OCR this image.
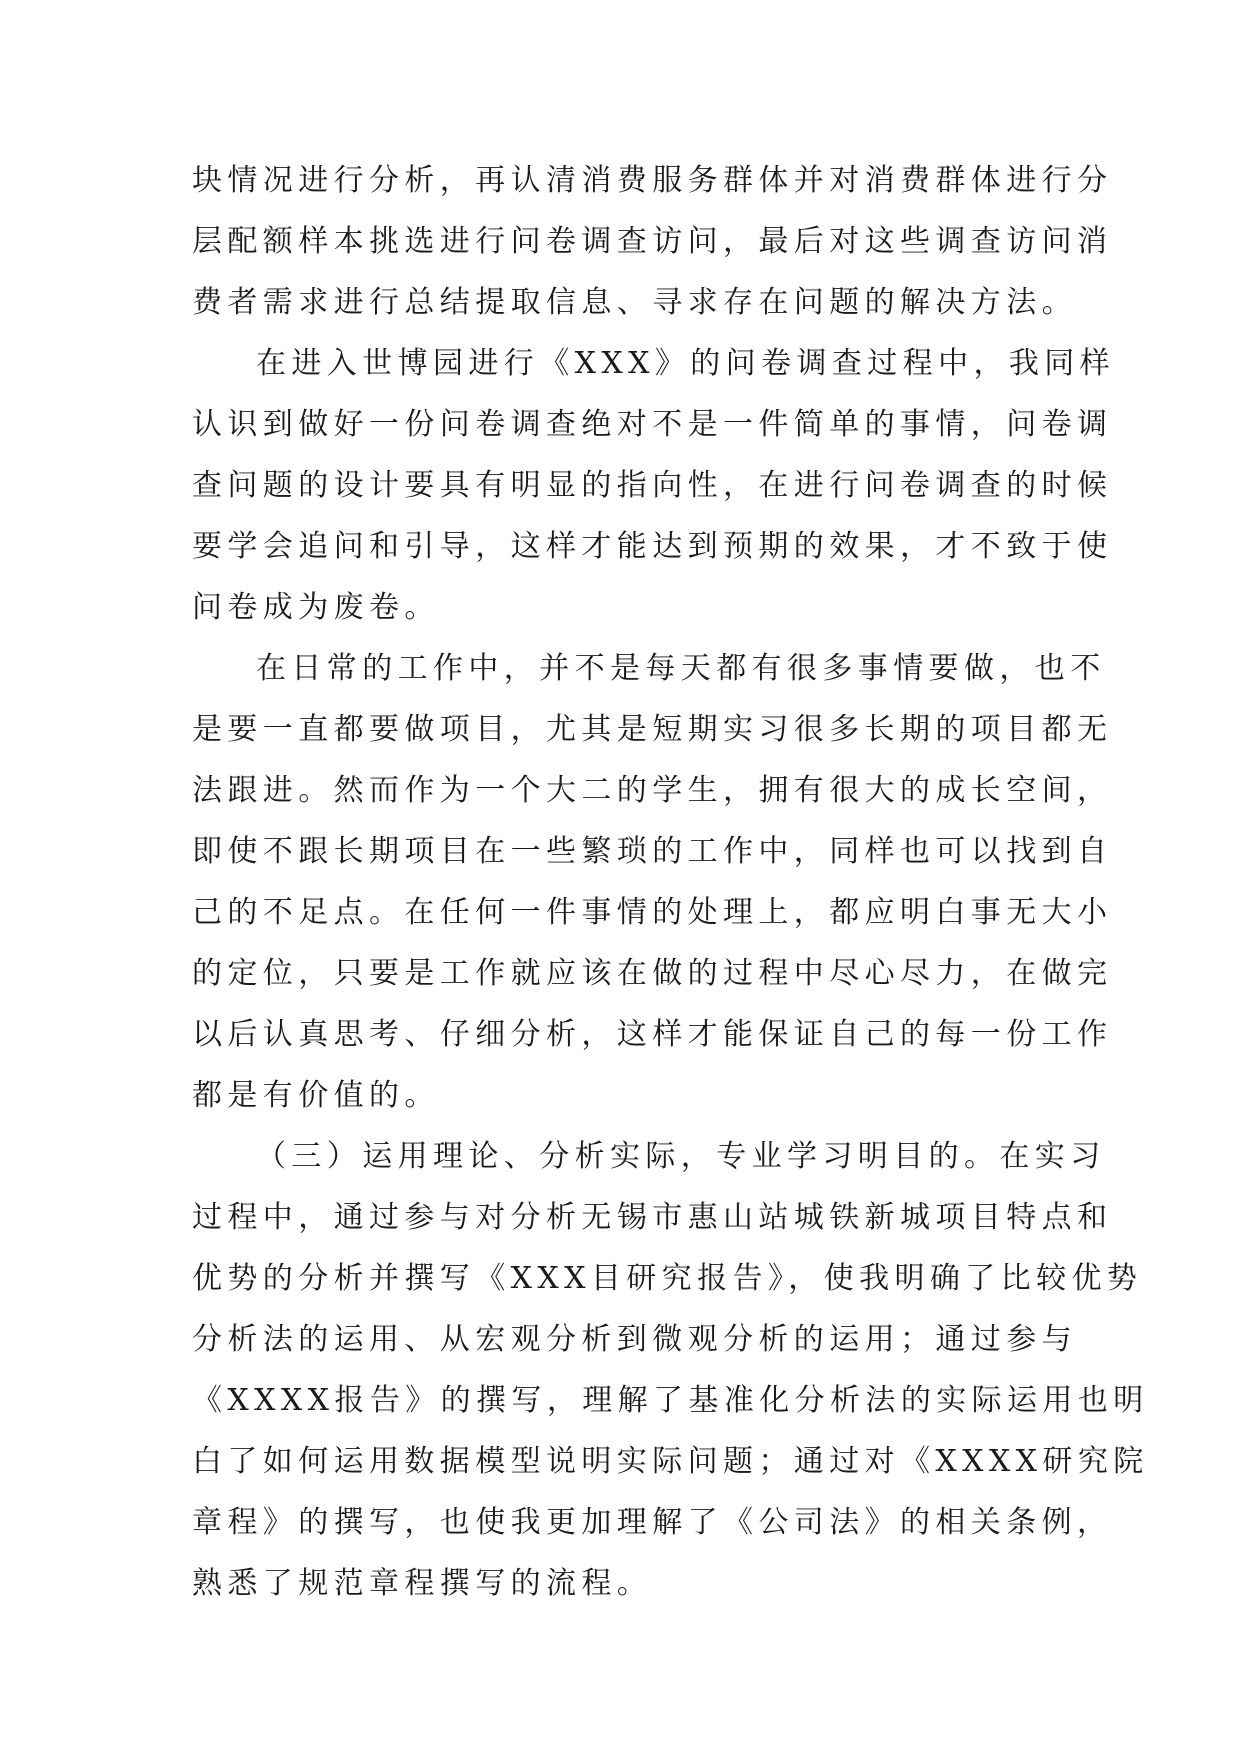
块情况进行分析，再认清消费服务群体并对消费群体进行分
层配额样本挑选进行问卷调查访问，最后对这些调查访问消
费者需求进行总结提取信息、寻求存在问题的解决方法。
在进入世博园进行《XXX》的问卷调查过程中，我同样
认识到做好一份问卷调查绝对不是一件简单的事情，问卷调
查问题的设计要具有明显的指向性，在进行问卷调查的时候
要学会追问和引导，这样才能达到预期的效果，才不致于使
问卷成为废卷。
在日常的工作中，并不是每天都有很多事情要做，也不
是要一直都要做项目，尤其是短期实习很多长期的项目都无
法跟进。然而作为一个大二的学生，拥有很大的成长空间，
即使不跟长期项目在一些繁琐的工作中，同样也可以找到自
己的不足点。在任何一件事情的处理上，都应明白事无大小
的定位，只要是工作就应该在做的过程中尽心尽力，在做完
以后认真思考、仔细分析，这样才能保证自己的每一份工作
都是有价值的。
（三）运用理论、分析实际，专业学习明目的。在实习
过程中，通过参与对分析无锡市惠山站城铁新城项目特点和
优势的分析并撰写《XXX目研究报告》，使我明确了比较优势
分析法的运用、从宏观分析到微观分析的运用；通过参与
《XXXX报告》的撰写，理解了基准化分析法的实际运用也明
白了如何运用数据模型说明实际问题；通过对《XXXX研究院
章程》的撰写，也使我更加理解了《公司法》的相关条例，
熟悉了规范章程撰写的流程。
